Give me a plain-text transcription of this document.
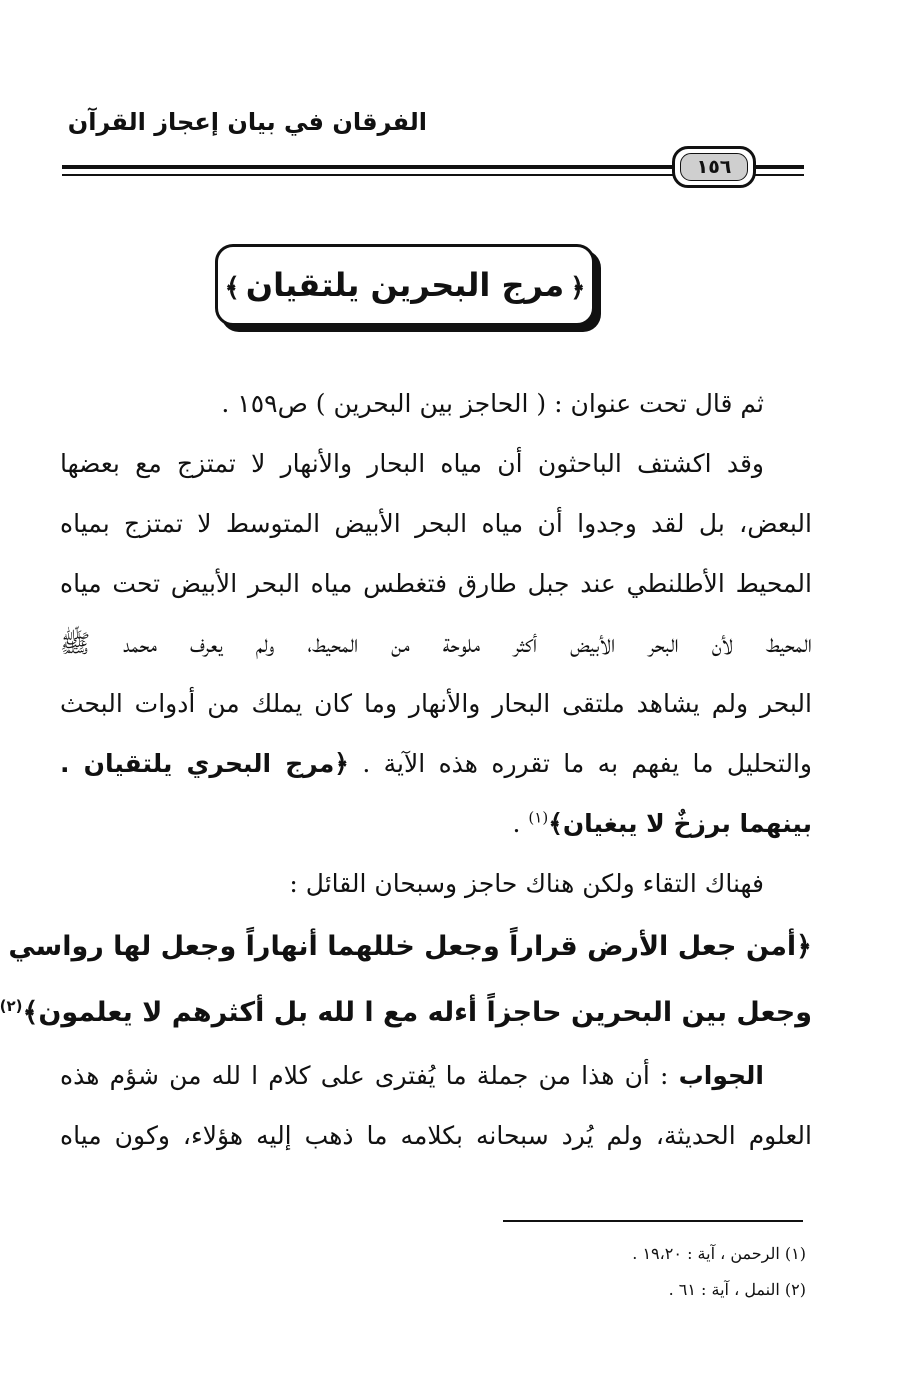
الفرقان في بيان إعجاز القرآن
١٥٦
﴿مرج البحرين يلتقيان﴾
ثم قال تحت عنوان : ( الحاجز بين البحرين ) ص١٥٩ .
وقد اكشتف الباحثون أن مياه البحار والأنهار لا تمتزج مع بعضها
البعض، بل لقد وجدوا أن مياه البحر الأبيض المتوسط لا تمتزج بمياه
المحيط الأطلنطي عند جبل طارق فتغطس مياه البحر الأبيض تحت مياه
المحيط لأن البحر الأبيض أكثر ملوحة من المحيط، ولم يعرف محمد ﷺ
البحر ولم يشاهد ملتقى البحار والأنهار وما كان يملك من أدوات البحث
والتحليل ما يفهم به ما تقرره هذه الآية . ﴿مرج البحري يلتقيان .
بينهما برزخٌ لا يبغيان﴾$^{(١)}$ .
فهناك التقاء ولكن هناك حاجز وسبحان القائل :
﴿أمن جعل الأرض قراراً وجعل خللهما أنهاراً وجعل لها رواسي
وجعل بين البحرين حاجزاً أءله مع ا لله بل أكثرهم لا يعلمون﴾$^{(٢)}$
الجواب : أن هذا من جملة ما يُفترى على كلام ا لله من شؤم هذه
العلوم الحديثة، ولم يُرد سبحانه بكلامه ما ذهب إليه هؤلاء، وكون مياه
(١) الرحمن ، آية : ١٩،٢٠ .
(٢) النمل ، آية : ٦١ .
